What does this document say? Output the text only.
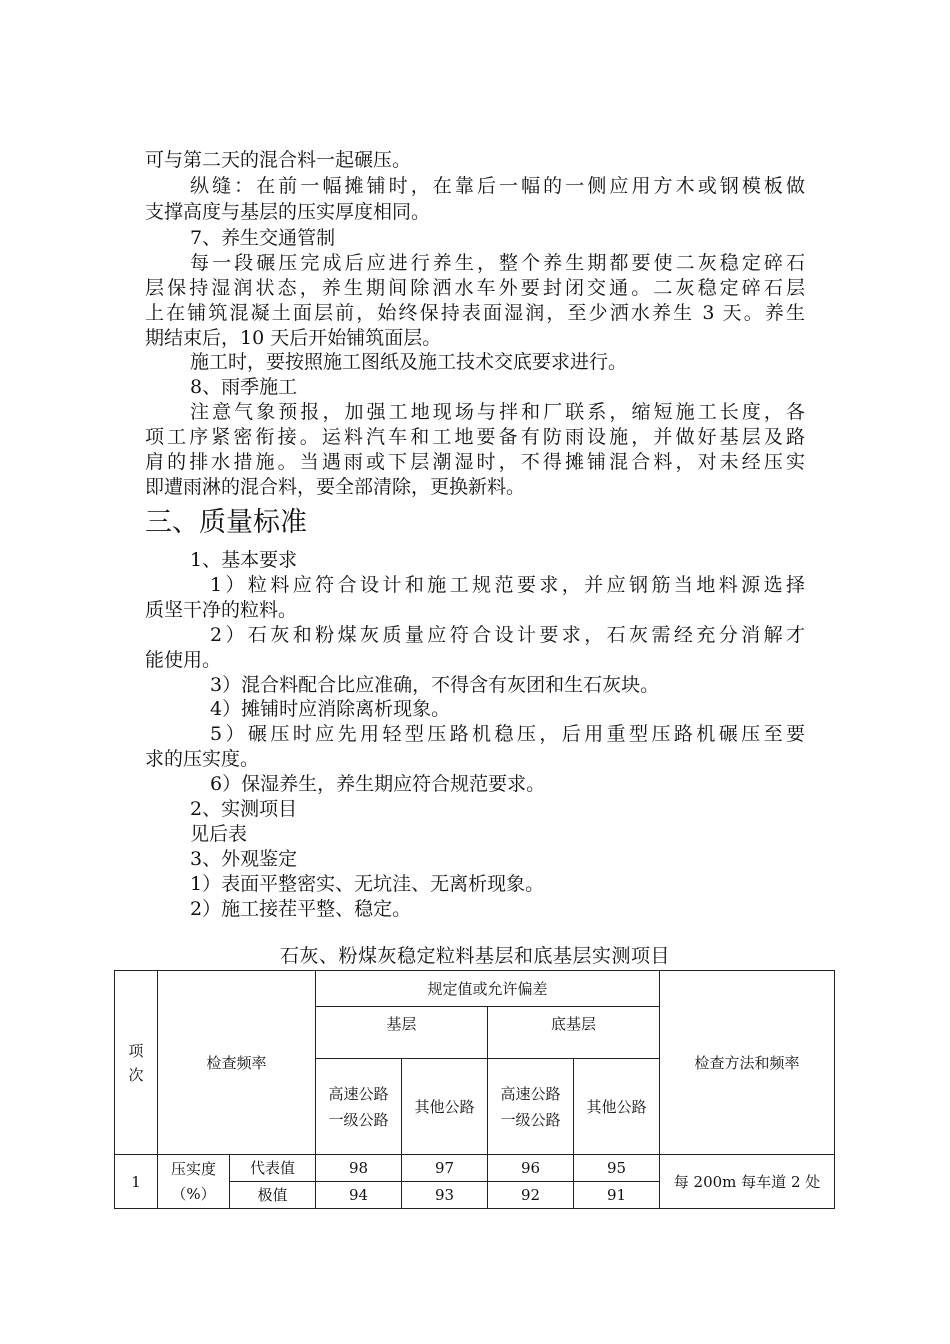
可与第二天的混合料一起碾压。
纵缝：在前一幅摊铺时，在靠后一幅的一侧应用方木或钢模板做
支撑高度与基层的压实厚度相同。
7、养生交通管制
每一段碾压完成后应进行养生，整个养生期都要使二灰稳定碎石
层保持湿润状态，养生期间除洒水车外要封闭交通。二灰稳定碎石层
上在铺筑混凝土面层前，始终保持表面湿润，至少洒水养生 3 天。养生
期结束后，10 天后开始铺筑面层。
施工时，要按照施工图纸及施工技术交底要求进行。
8、雨季施工
注意气象预报，加强工地现场与拌和厂联系，缩短施工长度，各
项工序紧密衔接。运料汽车和工地要备有防雨设施，并做好基层及路
肩的排水措施。当遇雨或下层潮湿时，不得摊铺混合料，对未经压实
即遭雨淋的混合料，要全部清除，更换新料。
三、质量标准
1、基本要求
1）粒料应符合设计和施工规范要求，并应钢筋当地料源选择
质坚干净的粒料。
2）石灰和粉煤灰质量应符合设计要求，石灰需经充分消解才
能使用。
3）混合料配合比应准确，不得含有灰团和生石灰块。
4）摊铺时应消除离析现象。
5）碾压时应先用轻型压路机稳压，后用重型压路机碾压至要
求的压实度。
6）保湿养生，养生期应符合规范要求。
2、实测项目
见后表
3、外观鉴定
1）表面平整密实、无坑洼、无离析现象。
2）施工接茬平整、稳定。
石灰、粉煤灰稳定粒料基层和底基层实测项目
项次	检查频率		规定值或允许偏差				检查方法和频率
			基层		底基层		

			高速公路一级公路	其他公路	高速公路一级公路	其他公路	
1	压实度（%）	代表值	98	97	96	95	每 200m 每车道 2 处
		极值	94	93	92	91	
